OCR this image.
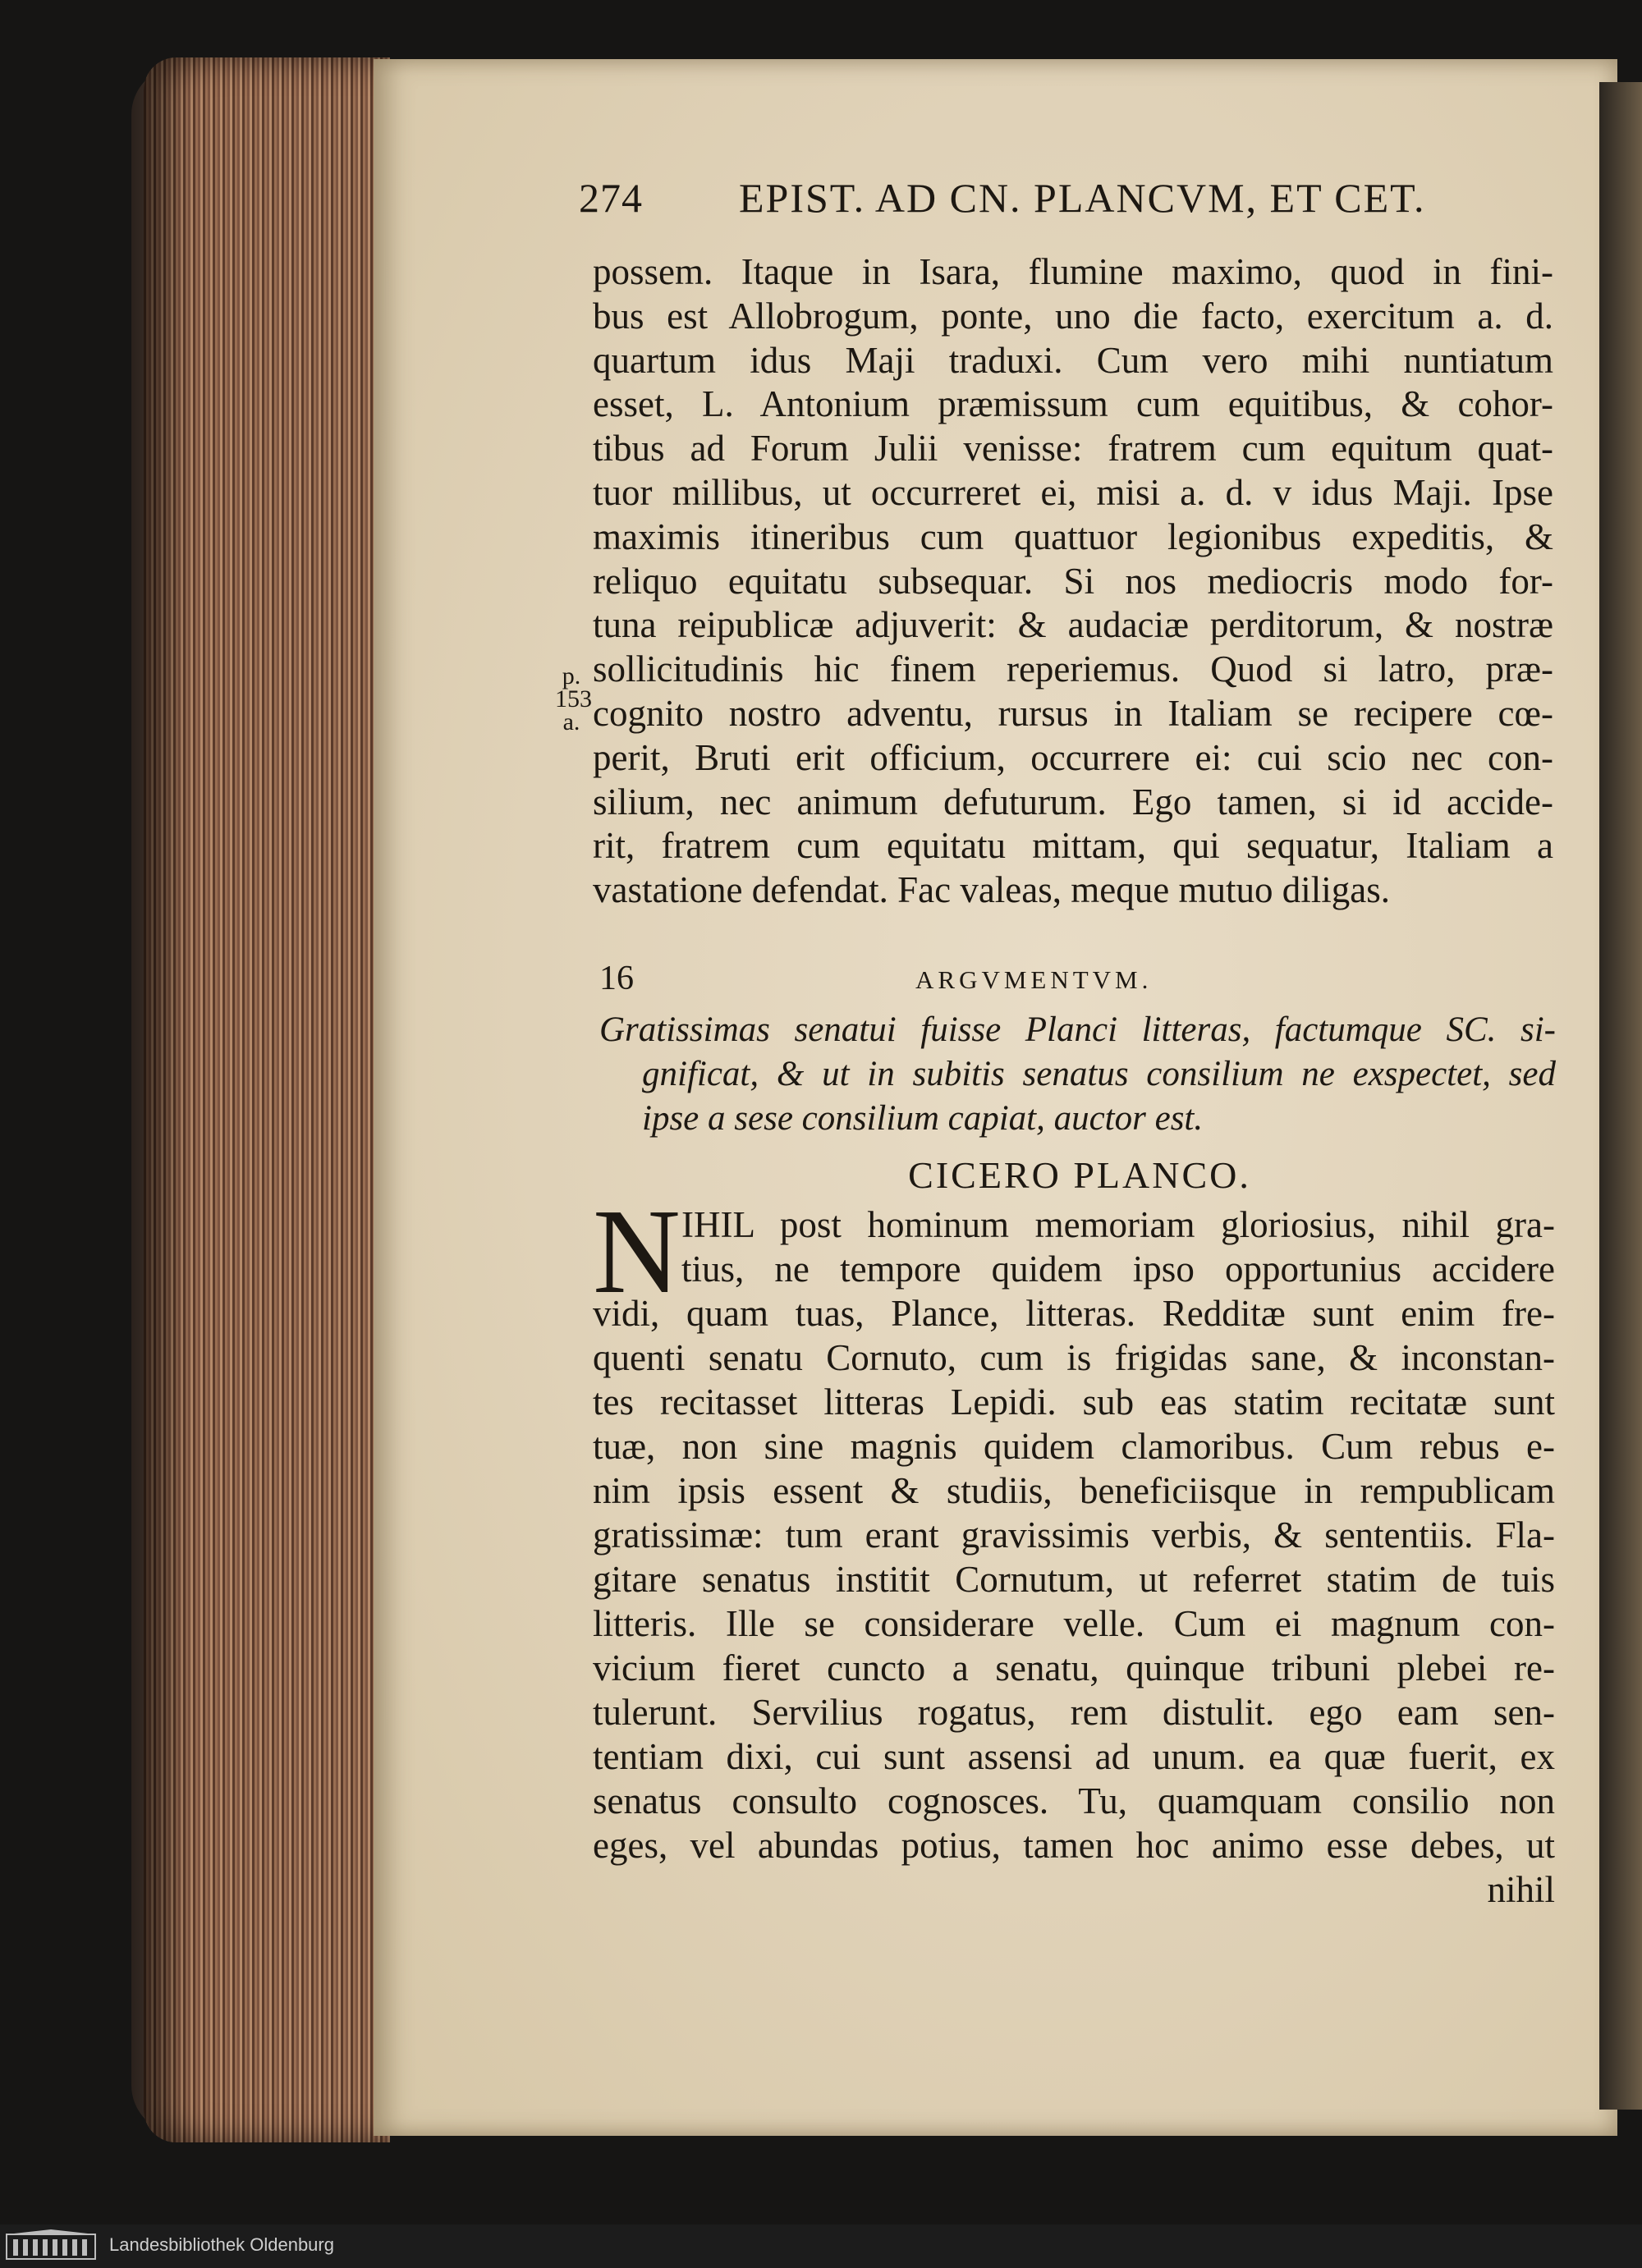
274 EPIST. AD CN. PLANCVM, ET CET.
possem. Itaque in Isara, flumine maximo, quod in fini-
bus est Allobrogum, ponte, uno die facto, exercitum a. d.
quartum idus Maji traduxi. Cum vero mihi nuntiatum
esset, L. Antonium præmissum cum equitibus, & cohor-
tibus ad Forum Julii venisse: fratrem cum equitum quat-
tuor millibus, ut occurreret ei, misi a. d. v idus Maji. Ipse
maximis itineribus cum quattuor legionibus expeditis, &
reliquo equitatu subsequar. Si nos mediocris modo for-
tuna reipublicæ adjuverit: & audaciæ perditorum, & nostræ
sollicitudinis hic finem reperiemus. Quod si latro, præ-
cognito nostro adventu, rursus in Italiam se recipere cœ-
perit, Bruti erit officium, occurrere ei: cui scio nec con-
silium, nec animum defuturum. Ego tamen, si id accide-
rit, fratrem cum equitatu mittam, qui sequatur, Italiam a
vastatione defendat. Fac valeas, meque mutuo diligas.
p.
153
a.
16	ARGVMENTVM.
Gratissimas senatui fuisse Planci litteras, factumque SC. si-
gnificat, & ut in subitis senatus consilium ne exspectet, sed
ipse a sese consilium capiat, auctor est.
CICERO PLANCO.
N IHIL post hominum memoriam gloriosius, nihil gra-
tius, ne tempore quidem ipso opportunius accidere
vidi, quam tuas, Plance, litteras. Redditæ sunt enim fre-
quenti senatu Cornuto, cum is frigidas sane, & inconstan-
tes recitasset litteras Lepidi. sub eas statim recitatæ sunt
tuæ, non sine magnis quidem clamoribus. Cum rebus e-
nim ipsis essent & studiis, beneficiisque in rempublicam
gratissimæ: tum erant gravissimis verbis, & sententiis. Fla-
gitare senatus institit Cornutum, ut referret statim de tuis
litteris. Ille se considerare velle. Cum ei magnum con-
vicium fieret cuncto a senatu, quinque tribuni plebei re-
tulerunt. Servilius rogatus, rem distulit. ego eam sen-
tentiam dixi, cui sunt assensi ad unum. ea quæ fuerit, ex
senatus consulto cognosces. Tu, quamquam consilio non
eges, vel abundas potius, tamen hoc animo esse debes, ut
nihil
Landesbibliothek Oldenburg
